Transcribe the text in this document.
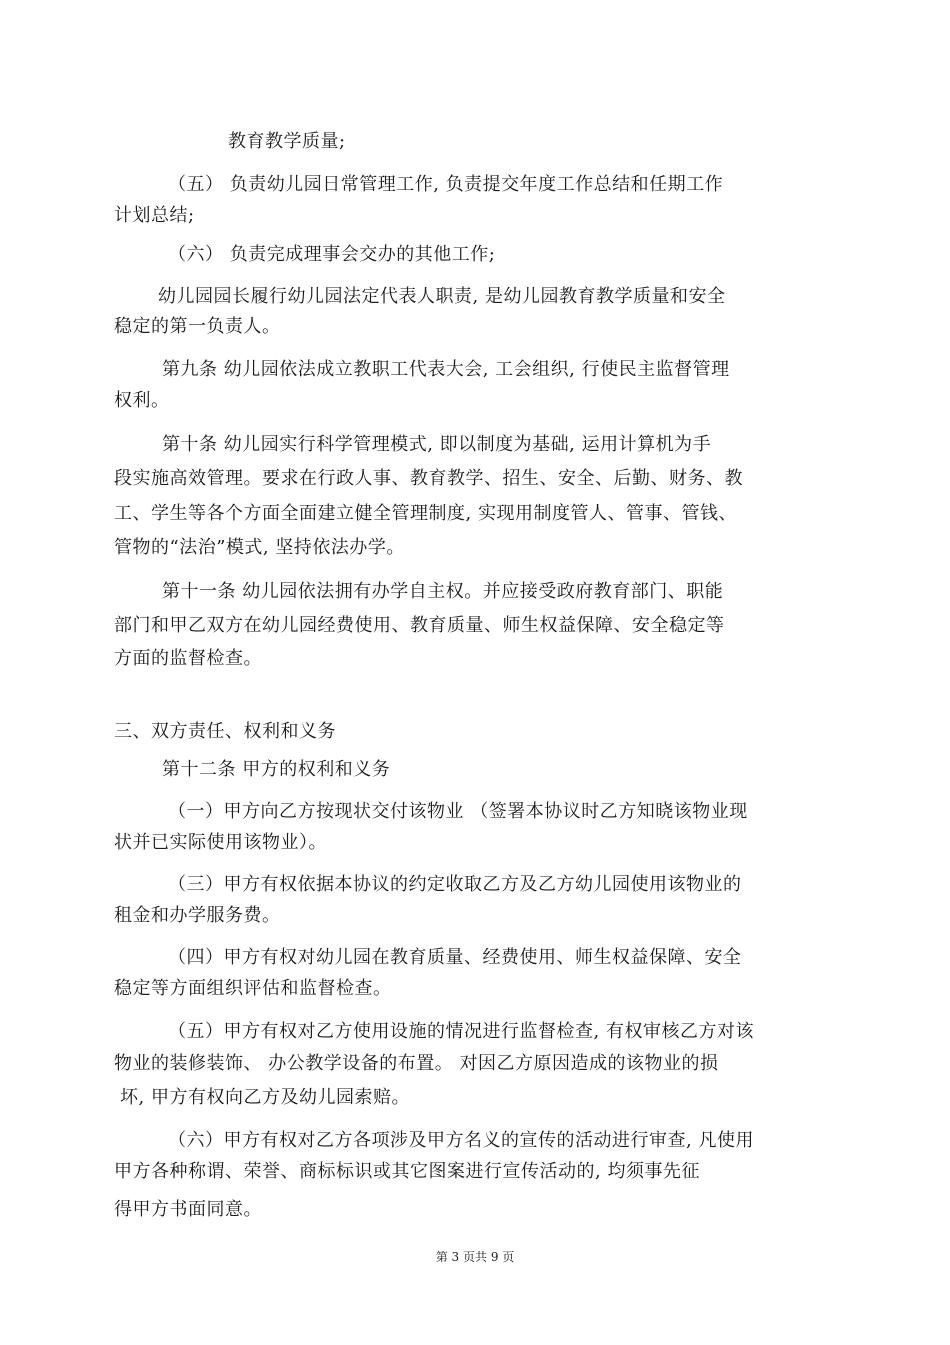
教育教学质量;
（五） 负责幼儿园日常管理工作, 负责提交年度工作总结和任期工作
计划总结;
（六） 负责完成理事会交办的其他工作;
幼儿园园长履行幼儿园法定代表人职责, 是幼儿园教育教学质量和安全
稳定的第一负责人。
第九条 幼儿园依法成立教职工代表大会, 工会组织, 行使民主监督管理
权利。
第十条 幼儿园实行科学管理模式, 即以制度为基础, 运用计算机为手
段实施高效管理。要求在行政人事、教育教学、招生、安全、后勤、财务、教
工、学生等各个方面全面建立健全管理制度, 实现用制度管人、管事、管钱、
管物的“法治”模式, 坚持依法办学。
第十一条 幼儿园依法拥有办学自主权。并应接受政府教育部门、职能
部门和甲乙双方在幼儿园经费使用、教育质量、师生权益保障、安全稳定等
方面的监督检查。
三、双方责任、权利和义务
第十二条 甲方的权利和义务
（一）甲方向乙方按现状交付该物业 （签署本协议时乙方知晓该物业现
状并已实际使用该物业）。
（三）甲方有权依据本协议的约定收取乙方及乙方幼儿园使用该物业的
租金和办学服务费。
（四）甲方有权对幼儿园在教育质量、经费使用、师生权益保障、安全
稳定等方面组织评估和监督检查。
（五）甲方有权对乙方使用设施的情况进行监督检查, 有权审核乙方对该
物业的装修装饰、 办公教学设备的布置。 对因乙方原因造成的该物业的损
坏, 甲方有权向乙方及幼儿园索赔。
（六）甲方有权对乙方各项涉及甲方名义的宣传的活动进行审查, 凡使用
甲方各种称谓、荣誉、商标标识或其它图案进行宣传活动的, 均须事先征
得甲方书面同意。
第 3 页共 9 页
